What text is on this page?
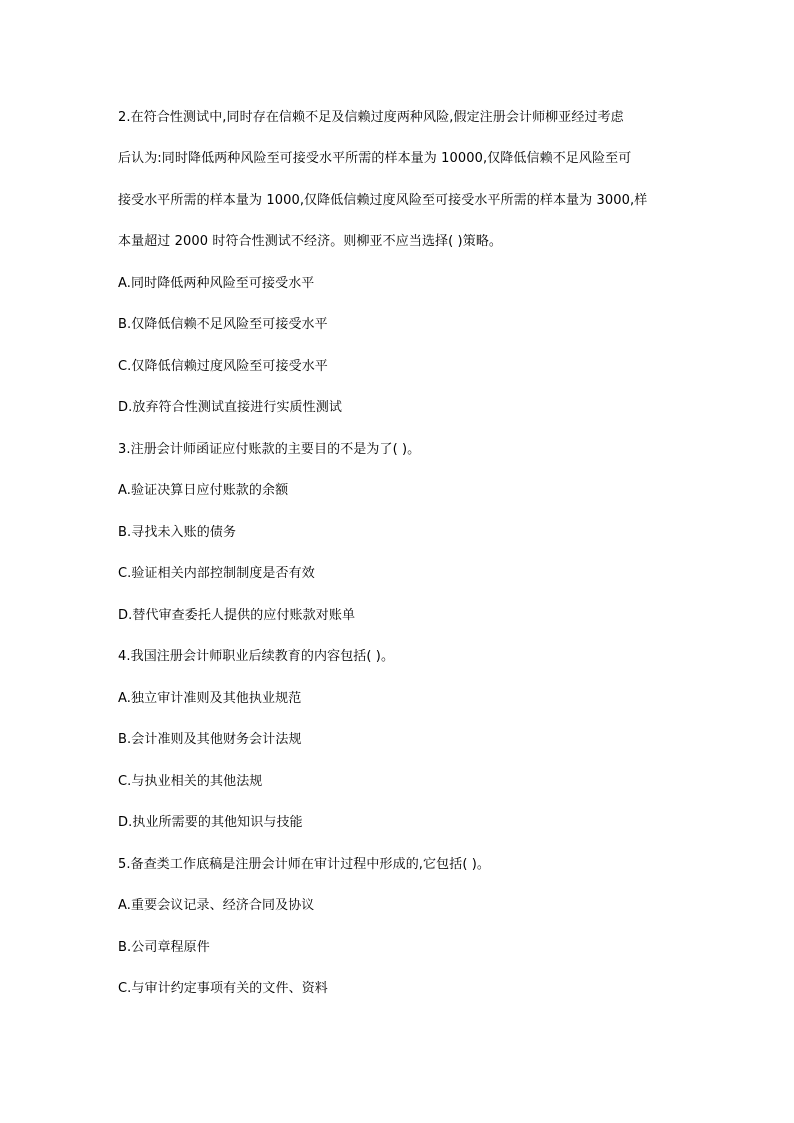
2.在符合性测试中,同时存在信赖不足及信赖过度两种风险,假定注册会计师柳亚经过考虑
后认为:同时降低两种风险至可接受水平所需的样本量为 10000,仅降低信赖不足风险至可
接受水平所需的样本量为 1000,仅降低信赖过度风险至可接受水平所需的样本量为 3000,样
本量超过 2000 时符合性测试不经济。则柳亚不应当选择( )策略。
A.同时降低两种风险至可接受水平
B.仅降低信赖不足风险至可接受水平
C.仅降低信赖过度风险至可接受水平
D.放弃符合性测试直接进行实质性测试
3.注册会计师函证应付账款的主要目的不是为了( )。
A.验证决算日应付账款的余额
B.寻找未入账的债务
C.验证相关内部控制制度是否有效
D.替代审查委托人提供的应付账款对账单
4.我国注册会计师职业后续教育的内容包括( )。
A.独立审计准则及其他执业规范
B.会计准则及其他财务会计法规
C.与执业相关的其他法规
D.执业所需要的其他知识与技能
5.备查类工作底稿是注册会计师在审计过程中形成的,它包括( )。
A.重要会议记录、经济合同及协议
B.公司章程原件
C.与审计约定事项有关的文件、资料
